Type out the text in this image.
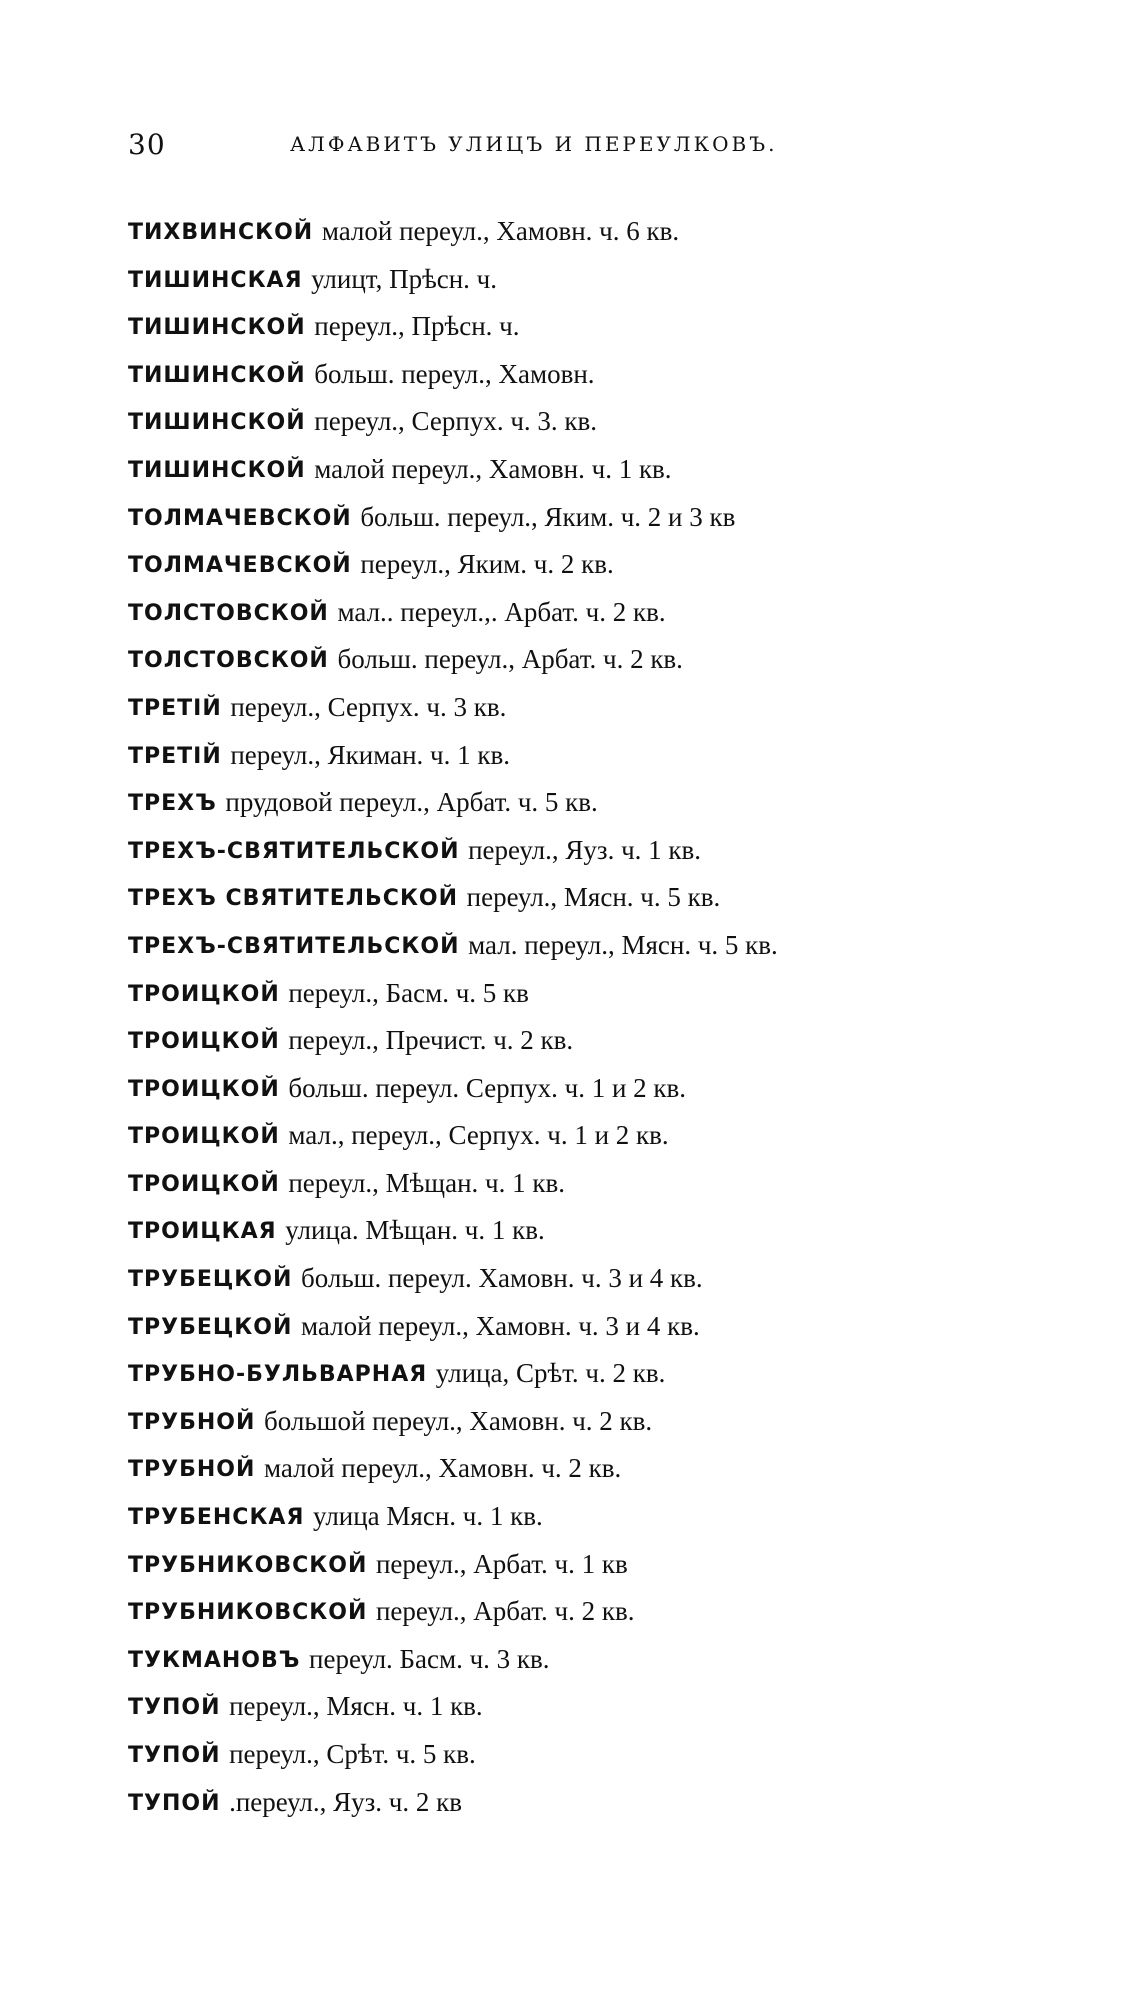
30	АЛФАВИТЪ УЛИЦЪ И ПЕРЕУЛКОВЪ.
ТИХВИНСКОЙ малой переул., Хамовн. ч. 6 кв.
ТИШИНСКАЯ улицт, Прѣсн. ч.
ТИШИНСКОЙ переул., Прѣсн. ч.
ТИШИНСКОЙ больш. переул., Хамовн.
ТИШИНСКОЙ переул., Серпух. ч. 3. кв.
ТИШИНСКОЙ малой переул., Хамовн. ч. 1 кв.
ТОЛМАЧЕВСКОЙ больш. переул., Яким. ч. 2 и 3 кв
ТОЛМАЧЕВСКОЙ переул., Яким. ч. 2 кв.
ТОЛСТОВСКОЙ мал.. переул.,. Арбат. ч. 2 кв.
ТОЛСТОВСКОЙ больш. переул., Арбат. ч. 2 кв.
ТРЕТІЙ переул., Серпух. ч. 3 кв.
ТРЕТІЙ переул., Якиман. ч. 1 кв.
ТРЕХЪ прудовой переул., Арбат. ч. 5 кв.
ТРЕХЪ-СВЯТИТЕЛЬСКОЙ переул., Яуз. ч. 1 кв.
ТРЕХЪ СВЯТИТЕЛЬСКОЙ переул., Мясн. ч. 5 кв.
ТРЕХЪ-СВЯТИТЕЛЬСКОЙ мал. переул., Мясн. ч. 5 кв.
ТРОИЦКОЙ переул., Басм. ч. 5 кв
ТРОИЦКОЙ переул., Пречист. ч. 2 кв.
ТРОИЦКОЙ больш. переул. Серпух. ч. 1 и 2 кв.
ТРОИЦКОЙ мал., переул., Серпух. ч. 1 и 2 кв.
ТРОИЦКОЙ переул., Мѣщан. ч. 1 кв.
ТРОИЦКАЯ улица. Мѣщан. ч. 1 кв.
ТРУБЕЦКОЙ больш. переул. Хамовн. ч. 3 и 4 кв.
ТРУБЕЦКОЙ малой переул., Хамовн. ч. 3 и 4 кв.
ТРУБНО-БУЛЬВАРНАЯ улица, Срѣт. ч. 2 кв.
ТРУБНОЙ большой переул., Хамовн. ч. 2 кв.
ТРУБНОЙ малой переул., Хамовн. ч. 2 кв.
ТРУБЕНСКАЯ улица Мясн. ч. 1 кв.
ТРУБНИКОВСКОЙ переул., Арбат. ч. 1 кв
ТРУБНИКОВСКОЙ переул., Арбат. ч. 2 кв.
ТУКМАНОВЪ переул. Басм. ч. 3 кв.
ТУПОЙ переул., Мясн. ч. 1 кв.
ТУПОЙ переул., Срѣт. ч. 5 кв.
ТУПОЙ .переул., Яуз. ч. 2 кв
